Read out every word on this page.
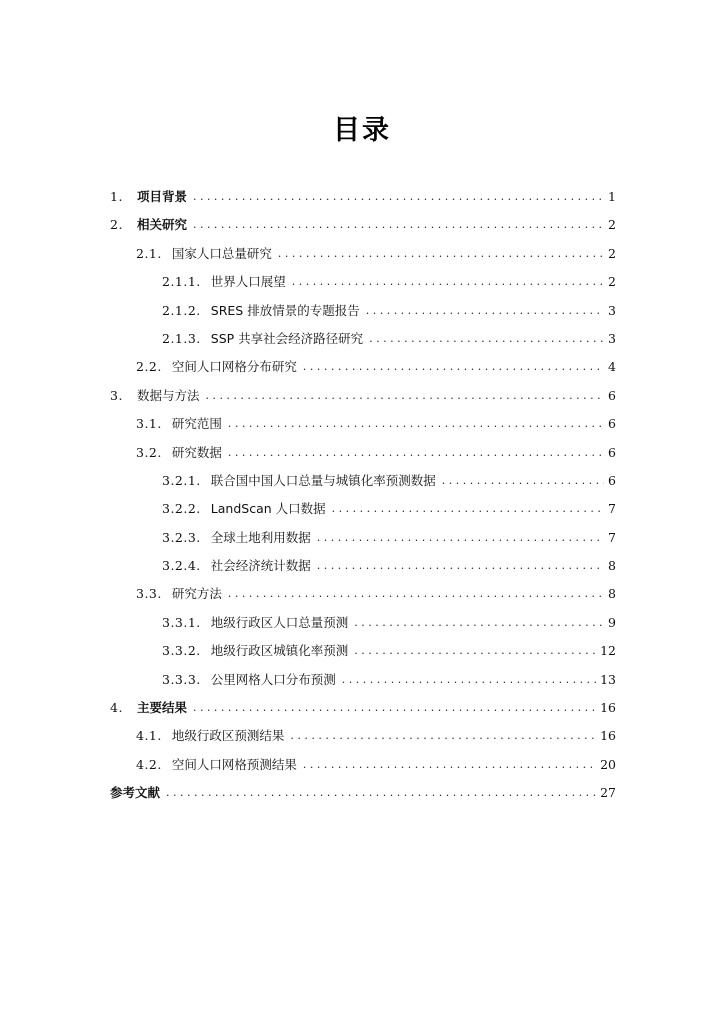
目录
1. 项目背景 . . .	1
2. 相关研究 . . .	2
2.1. 国家人口总量研究 . . .	2
2.1.1. 世界人口展望 . . .	2
2.1.2. SRES 排放情景的专题报告 . . .	3
2.1.3. SSP 共享社会经济路径研究 . . .	3
2.2. 空间人口网格分布研究 . . .	4
3. 数据与方法 . . .	6
3.1. 研究范围 . . .	6
3.2. 研究数据 . . .	6
3.2.1. 联合国中国人口总量与城镇化率预测数据 . . .	6
3.2.2. LandScan 人口数据 . . .	7
3.2.3. 全球土地利用数据 . . .	7
3.2.4. 社会经济统计数据 . . .	8
3.3. 研究方法 . . .	8
3.3.1. 地级行政区人口总量预测 . . .	9
3.3.2. 地级行政区城镇化率预测 . . .	12
3.3.3. 公里网格人口分布预测 . . .	13
4. 主要结果 . . .	16
4.1. 地级行政区预测结果 . . .	16
4.2. 空间人口网格预测结果 . . .	20
参考文献 . . .	27
